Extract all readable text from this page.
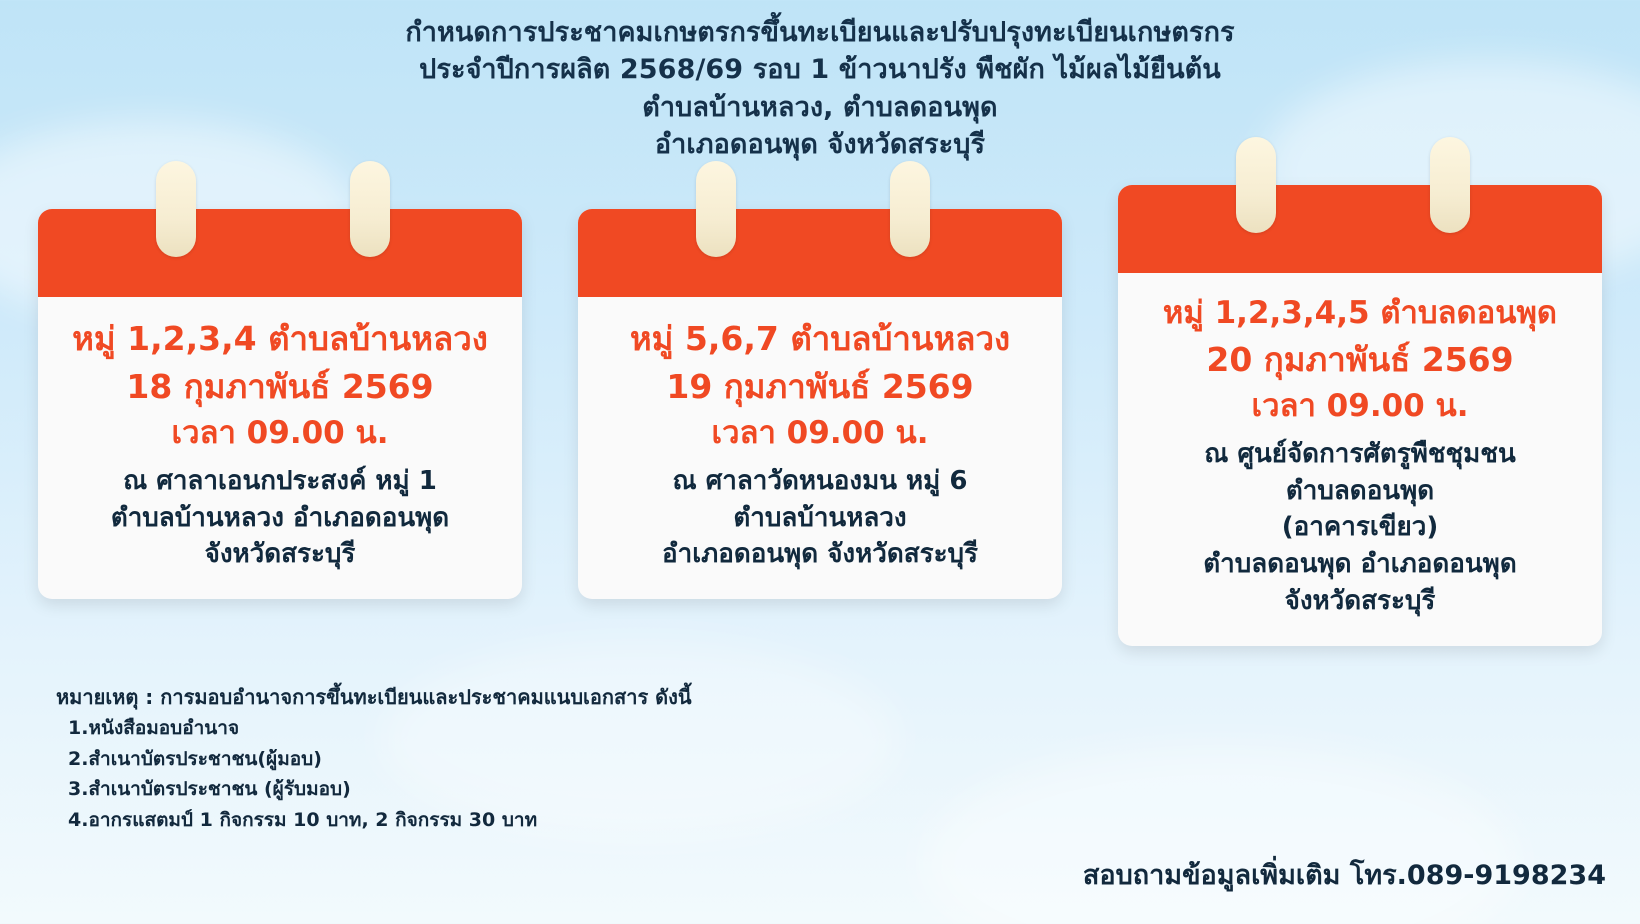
กำหนดการประชาคมเกษตรกรขึ้นทะเบียนและปรับปรุงทะเบียนเกษตรกร
ประจำปีการผลิต 2568/69 รอบ 1 ข้าวนาปรัง พืชผัก ไม้ผลไม้ยืนต้น
ตำบลบ้านหลวง, ตำบลดอนพุด
อำเภอดอนพุด จังหวัดสระบุรี
หมู่ 1,2,3,4 ตำบลบ้านหลวง
18 กุมภาพันธ์ 2569
เวลา 09.00 น.
ณ ศาลาเอนกประสงค์ หมู่ 1
ตำบลบ้านหลวง อำเภอดอนพุด
จังหวัดสระบุรี
หมู่ 5,6,7 ตำบลบ้านหลวง
19 กุมภาพันธ์ 2569
เวลา 09.00 น.
ณ ศาลาวัดหนองมน หมู่ 6
ตำบลบ้านหลวง
อำเภอดอนพุด จังหวัดสระบุรี
หมู่ 1,2,3,4,5 ตำบลดอนพุด
20 กุมภาพันธ์ 2569
เวลา 09.00 น.
ณ ศูนย์จัดการศัตรูพืชชุมชน
ตำบลดอนพุด
(อาคารเขียว)
ตำบลดอนพุด อำเภอดอนพุด
จังหวัดสระบุรี
หมายเหตุ : การมอบอำนาจการขึ้นทะเบียนและประชาคมแนบเอกสาร ดังนี้
1.หนังสือมอบอำนาจ
2.สำเนาบัตรประชาชน(ผู้มอบ)
3.สำเนาบัตรประชาชน (ผู้รับมอบ)
4.อากรแสตมป์ 1 กิจกรรม 10 บาท, 2 กิจกรรม 30 บาท
สอบถามข้อมูลเพิ่มเติม โทร.089-9198234
